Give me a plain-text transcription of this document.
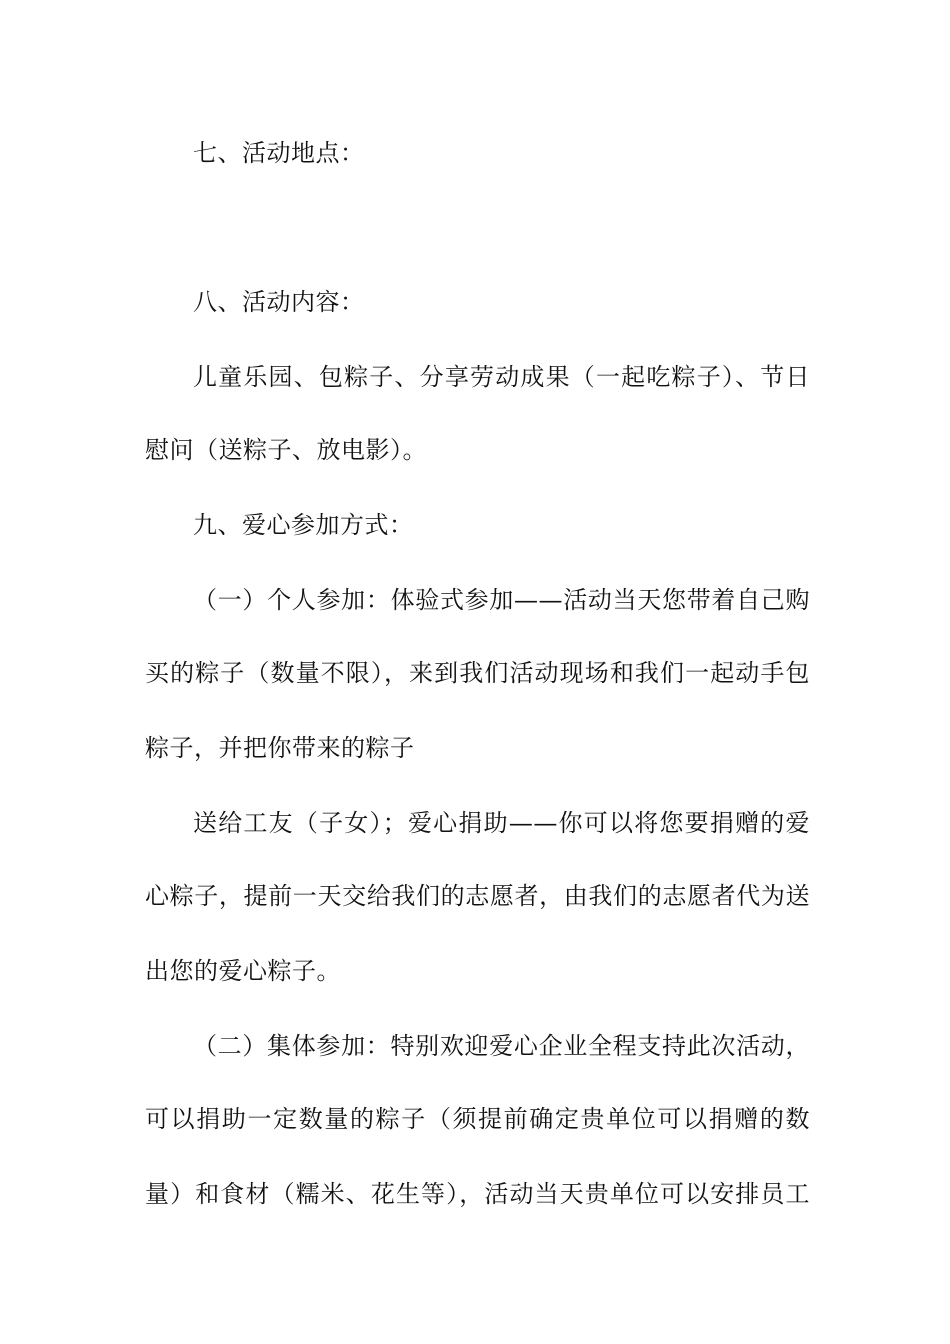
七、活动地点：
八、活动内容：
儿童乐园、包粽子、分享劳动成果（一起吃粽子）、节日
慰问（送粽子、放电影）。
九、爱心参加方式：
（一）个人参加：体验式参加——活动当天您带着自己购
买的粽子（数量不限），来到我们活动现场和我们一起动手包
粽子，并把你带来的粽子
送给工友（子女）；爱心捐助——你可以将您要捐赠的爱
心粽子，提前一天交给我们的志愿者，由我们的志愿者代为送
出您的爱心粽子。
（二）集体参加：特别欢迎爱心企业全程支持此次活动，
可以捐助一定数量的粽子（须提前确定贵单位可以捐赠的数
量）和食材（糯米、花生等），活动当天贵单位可以安排员工
